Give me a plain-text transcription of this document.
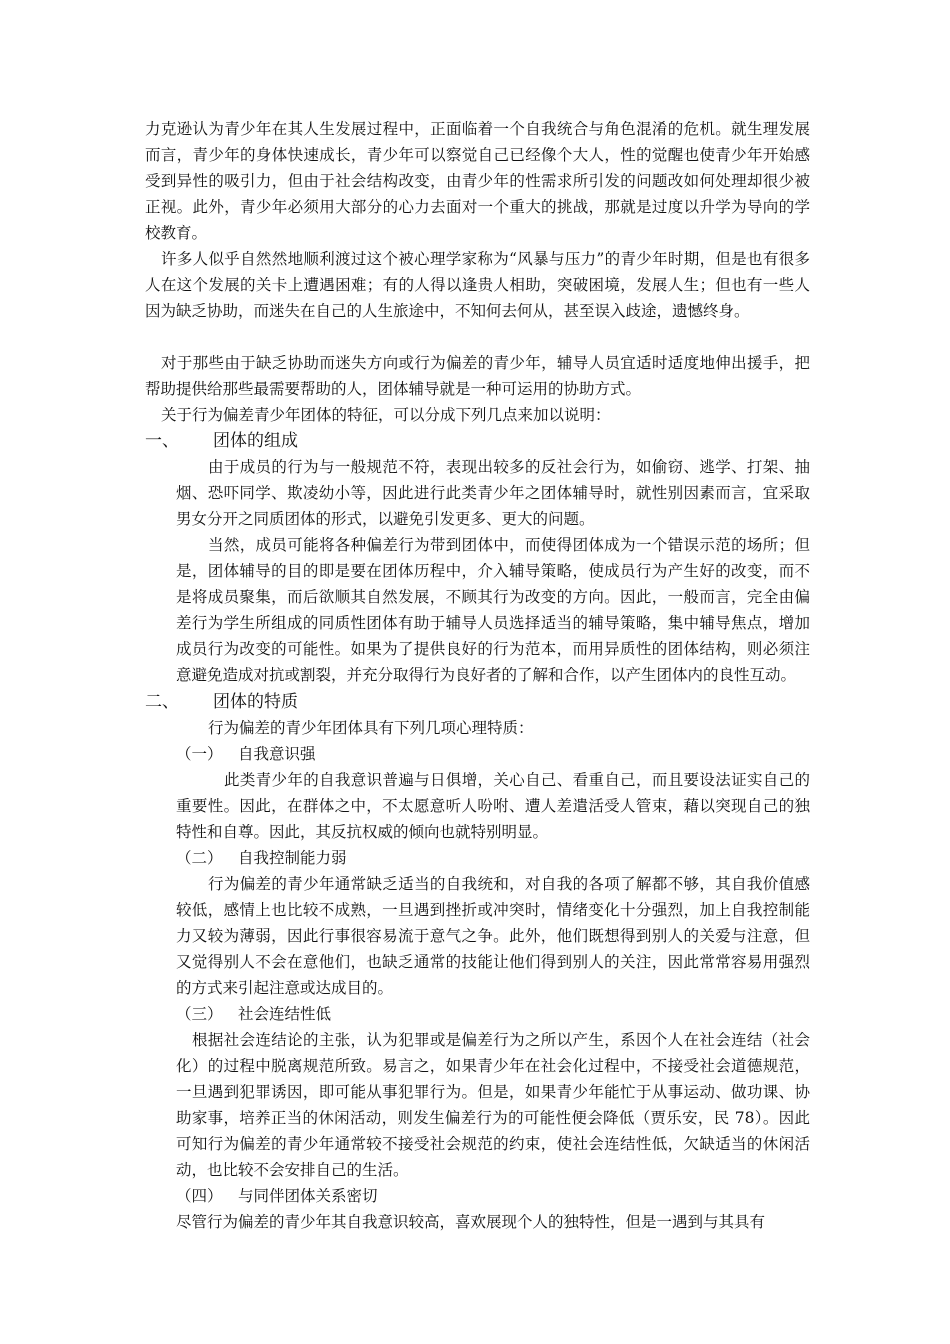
力克逊认为青少年在其人生发展过程中，正面临着一个自我统合与角色混淆的危机。就生理发展而言，青少年的身体快速成长，青少年可以察觉自己已经像个大人，性的觉醒也使青少年开始感受到异性的吸引力，但由于社会结构改变，由青少年的性需求所引发的问题改如何处理却很少被正视。此外，青少年必须用大部分的心力去面对一个重大的挑战，那就是过度以升学为导向的学校教育。

许多人似乎自然然地顺利渡过这个被心理学家称为“风暴与压力”的青少年时期，但是也有很多人在这个发展的关卡上遭遇困难；有的人得以逢贵人相助，突破困境，发展人生；但也有一些人因为缺乏协助，而迷失在自己的人生旅途中，不知何去何从，甚至误入歧途，遗憾终身。

对于那些由于缺乏协助而迷失方向或行为偏差的青少年，辅导人员宜适时适度地伸出援手，把帮助提供给那些最需要帮助的人，团体辅导就是一种可运用的协助方式。

关于行为偏差青少年团体的特征，可以分成下列几点来加以说明：

一、 团体的组成

由于成员的行为与一般规范不符，表现出较多的反社会行为，如偷窃、逃学、打架、抽烟、恐吓同学、欺凌幼小等，因此进行此类青少年之团体辅导时，就性别因素而言，宜采取男女分开之同质团体的形式，以避免引发更多、更大的问题。

当然，成员可能将各种偏差行为带到团体中，而使得团体成为一个错误示范的场所；但是，团体辅导的目的即是要在团体历程中，介入辅导策略，使成员行为产生好的改变，而不是将成员聚集，而后欲顺其自然发展，不顾其行为改变的方向。因此，一般而言，完全由偏差行为学生所组成的同质性团体有助于辅导人员选择适当的辅导策略，集中辅导焦点，增加成员行为改变的可能性。如果为了提供良好的行为范本，而用异质性的团体结构，则必须注意避免造成对抗或割裂，并充分取得行为良好者的了解和合作，以产生团体内的良性互动。

二、 团体的特质

行为偏差的青少年团体具有下列几项心理特质：

（一） 自我意识强

此类青少年的自我意识普遍与日俱增，关心自己、看重自己，而且要设法证实自己的重要性。因此，在群体之中，不太愿意听人吩咐、遭人差遣活受人管束，藉以突现自己的独特性和自尊。因此，其反抗权威的倾向也就特别明显。

（二） 自我控制能力弱

行为偏差的青少年通常缺乏适当的自我统和，对自我的各项了解都不够，其自我价值感较低，感情上也比较不成熟，一旦遇到挫折或冲突时，情绪变化十分强烈，加上自我控制能力又较为薄弱，因此行事很容易流于意气之争。此外，他们既想得到别人的关爱与注意，但又觉得别人不会在意他们，也缺乏通常的技能让他们得到别人的关注，因此常常容易用强烈的方式来引起注意或达成目的。

（三） 社会连结性低

根据社会连结论的主张，认为犯罪或是偏差行为之所以产生，系因个人在社会连结（社会化）的过程中脱离规范所致。易言之，如果青少年在社会化过程中，不接受社会道德规范，一旦遇到犯罪诱因，即可能从事犯罪行为。但是，如果青少年能忙于从事运动、做功课、协助家事，培养正当的休闲活动，则发生偏差行为的可能性便会降低（贾乐安，民 78）。因此可知行为偏差的青少年通常较不接受社会规范的约束，使社会连结性低，欠缺适当的休闲活动，也比较不会安排自己的生活。

（四） 与同伴团体关系密切

尽管行为偏差的青少年其自我意识较高，喜欢展现个人的独特性，但是一遇到与其具有
